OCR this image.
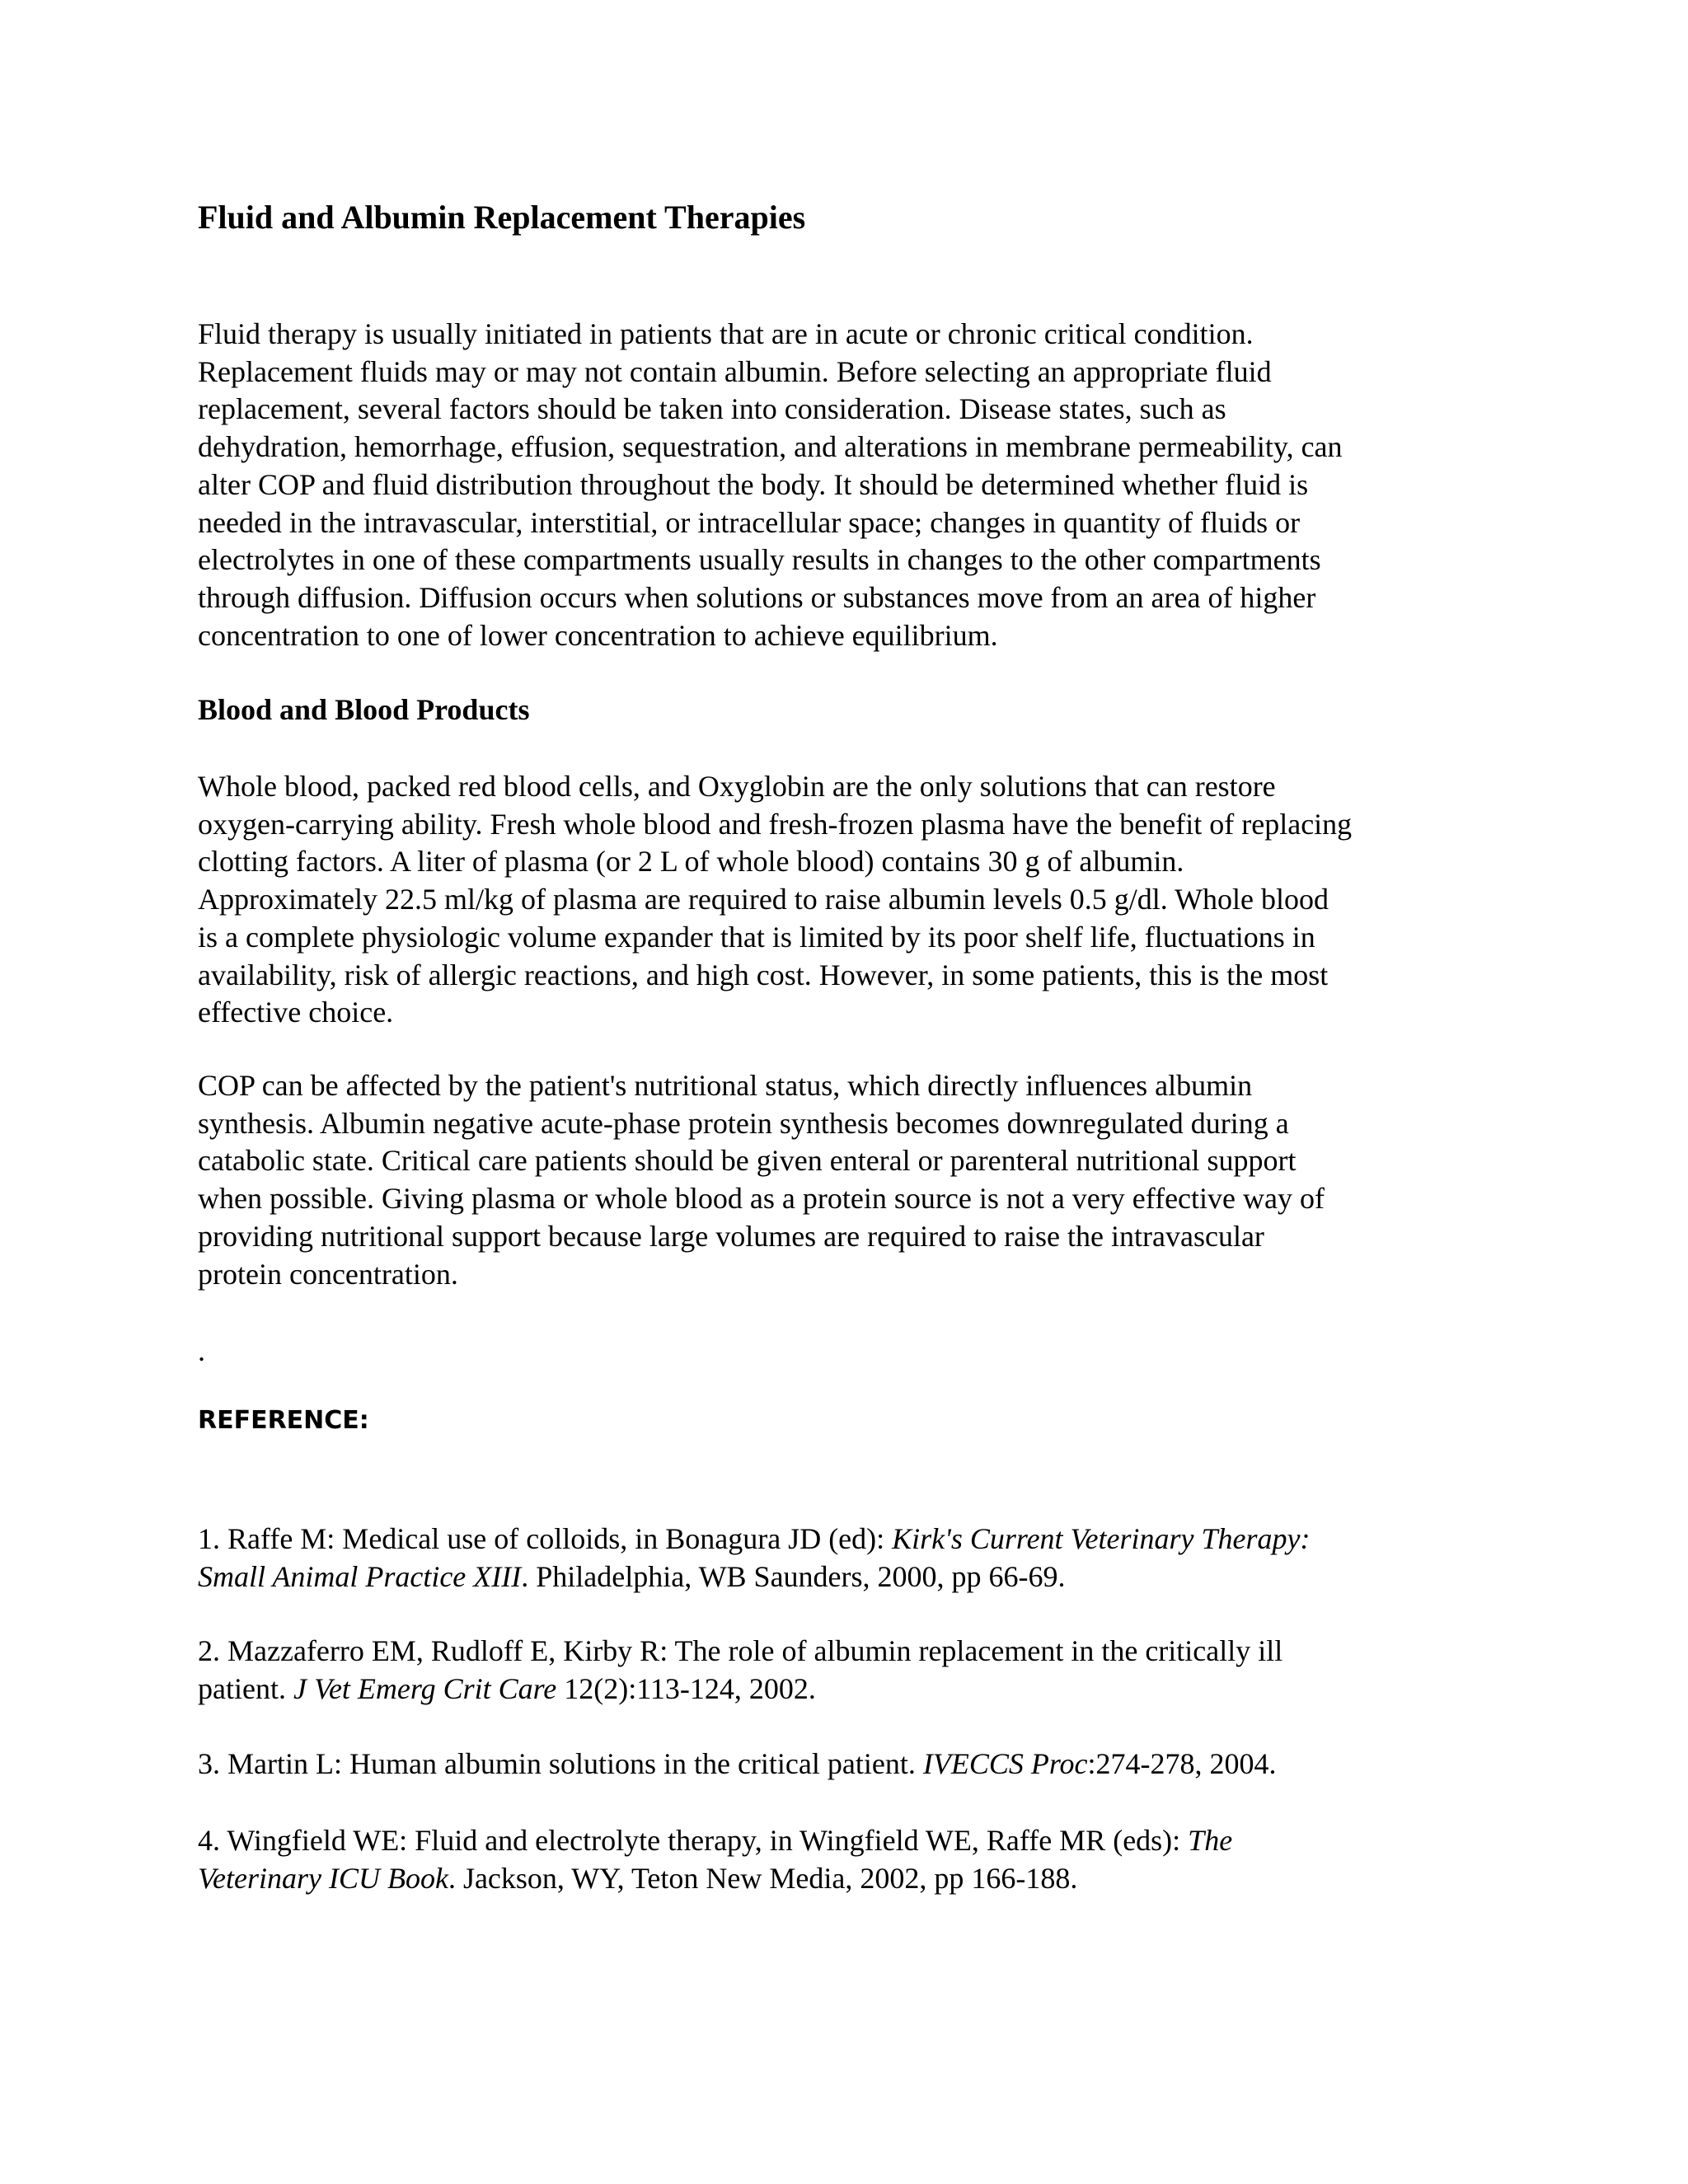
Fluid and Albumin Replacement Therapies

Fluid therapy is usually initiated in patients that are in acute or chronic critical condition.
Replacement fluids may or may not contain albumin. Before selecting an appropriate fluid
replacement, several factors should be taken into consideration. Disease states, such as
dehydration, hemorrhage, effusion, sequestration, and alterations in membrane permeability, can
alter COP and fluid distribution throughout the body. It should be determined whether fluid is
needed in the intravascular, interstitial, or intracellular space; changes in quantity of fluids or
electrolytes in one of these compartments usually results in changes to the other compartments
through diffusion. Diffusion occurs when solutions or substances move from an area of higher
concentration to one of lower concentration to achieve equilibrium.

Blood and Blood Products

Whole blood, packed red blood cells, and Oxyglobin are the only solutions that can restore
oxygen-carrying ability. Fresh whole blood and fresh-frozen plasma have the benefit of replacing
clotting factors. A liter of plasma (or 2 L of whole blood) contains 30 g of albumin.
Approximately 22.5 ml/kg of plasma are required to raise albumin levels 0.5 g/dl. Whole blood
is a complete physiologic volume expander that is limited by its poor shelf life, fluctuations in
availability, risk of allergic reactions, and high cost. However, in some patients, this is the most
effective choice.

COP can be affected by the patient's nutritional status, which directly influences albumin
synthesis. Albumin negative acute-phase protein synthesis becomes downregulated during a
catabolic state. Critical care patients should be given enteral or parenteral nutritional support
when possible. Giving plasma or whole blood as a protein source is not a very effective way of
providing nutritional support because large volumes are required to raise the intravascular
protein concentration.

.

REFERENCE:

1. Raffe M: Medical use of colloids, in Bonagura JD (ed): Kirk's Current Veterinary Therapy:
Small Animal Practice XIII. Philadelphia, WB Saunders, 2000, pp 66-69.

2. Mazzaferro EM, Rudloff E, Kirby R: The role of albumin replacement in the critically ill
patient. J Vet Emerg Crit Care 12(2):113-124, 2002.

3. Martin L: Human albumin solutions in the critical patient. IVECCS Proc:274-278, 2004.

4. Wingfield WE: Fluid and electrolyte therapy, in Wingfield WE, Raffe MR (eds): The
Veterinary ICU Book. Jackson, WY, Teton New Media, 2002, pp 166-188.
